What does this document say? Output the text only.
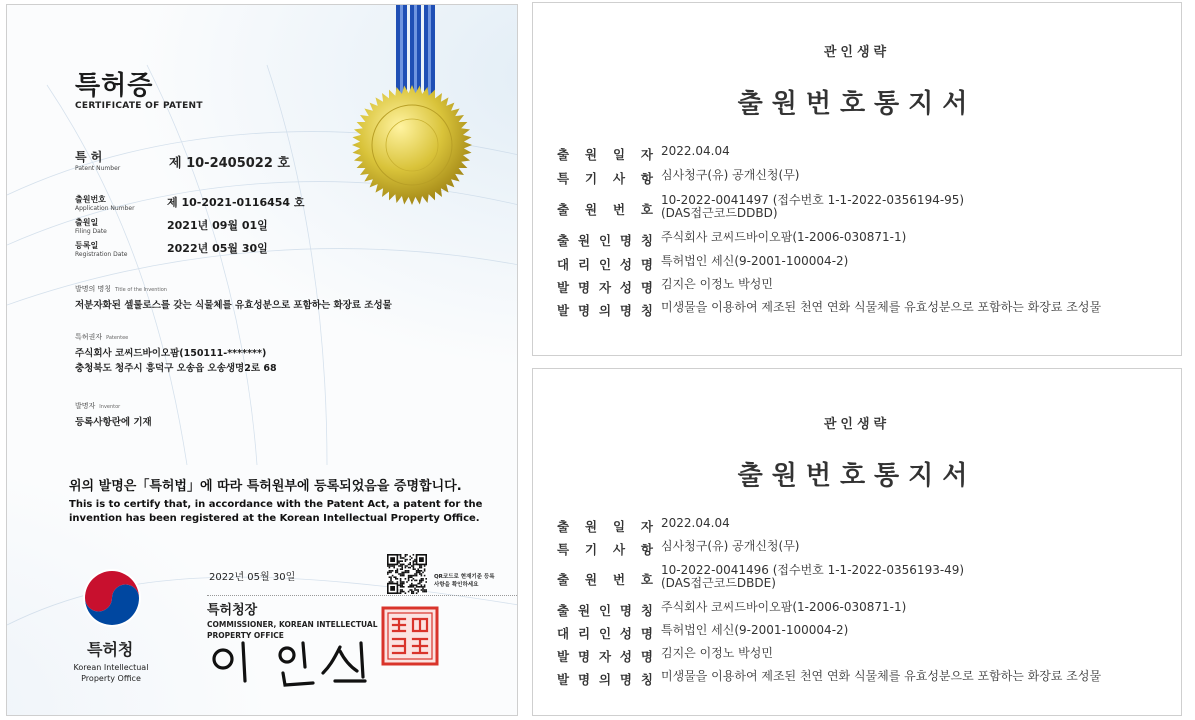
특허증
CERTIFICATE OF PATENT
특 허
Patent Number	제 10-2405022 호
출원번호
Application Number	제 10-2021-0116454 호
출원일
Filing Date	2021년 09월 01일
등록일
Registration Date	2022년 05월 30일
발명의 명칭 Title of the Invention
저분자화된 셀룰로스를 갖는 식물체를 유효성분으로 포함하는 화장료 조성물
특허권자 Patentee
주식회사 코씨드바이오팜(150111-*******)
충청북도 청주시 흥덕구 오송읍 오송생명2로 68
발명자 Inventor
등록사항란에 기재
위의 발명은「특허법」에 따라 특허원부에 등록되었음을 증명합니다.
This is to certify that, in accordance with the Patent Act, a patent for the invention has been registered at the Korean Intellectual Property Office.
특허청
Korean Intellectual Property Office
2022년 05월 30일	QR코드로 현재기준 등록사항을 확인하세요
특허청장
COMMISSIONER, KOREAN INTELLECTUAL PROPERTY OFFICE
관인생략
출원번호통지서
출 원 일 자 2022.04.04
특 기 사 항 심사청구(유) 공개신청(무)
출 원 번 호
10-2022-0041497 (접수번호 1-1-2022-0356194-95)
(DAS접근코드DDBD)
출 원 인 명 칭 주식회사 코씨드바이오팜(1-2006-030871-1)
대 리 인 성 명 특허법인 세신(9-2001-100004-2)
발 명 자 성 명 김지은 이정노 박성민
발 명 의 명 칭 미생물을 이용하여 제조된 천연 연화 식물체를 유효성분으로 포함하는 화장료 조성물
관인생략
출원번호통지서
출 원 일 자 2022.04.04
특 기 사 항 심사청구(유) 공개신청(무)
출 원 번 호
10-2022-0041496 (접수번호 1-1-2022-0356193-49)
(DAS접근코드DBDE)
출 원 인 명 칭 주식회사 코씨드바이오팜(1-2006-030871-1)
대 리 인 성 명 특허법인 세신(9-2001-100004-2)
발 명 자 성 명 김지은 이정노 박성민
발 명 의 명 칭 미생물을 이용하여 제조된 천연 연화 식물체를 유효성분으로 포함하는 화장료 조성물
